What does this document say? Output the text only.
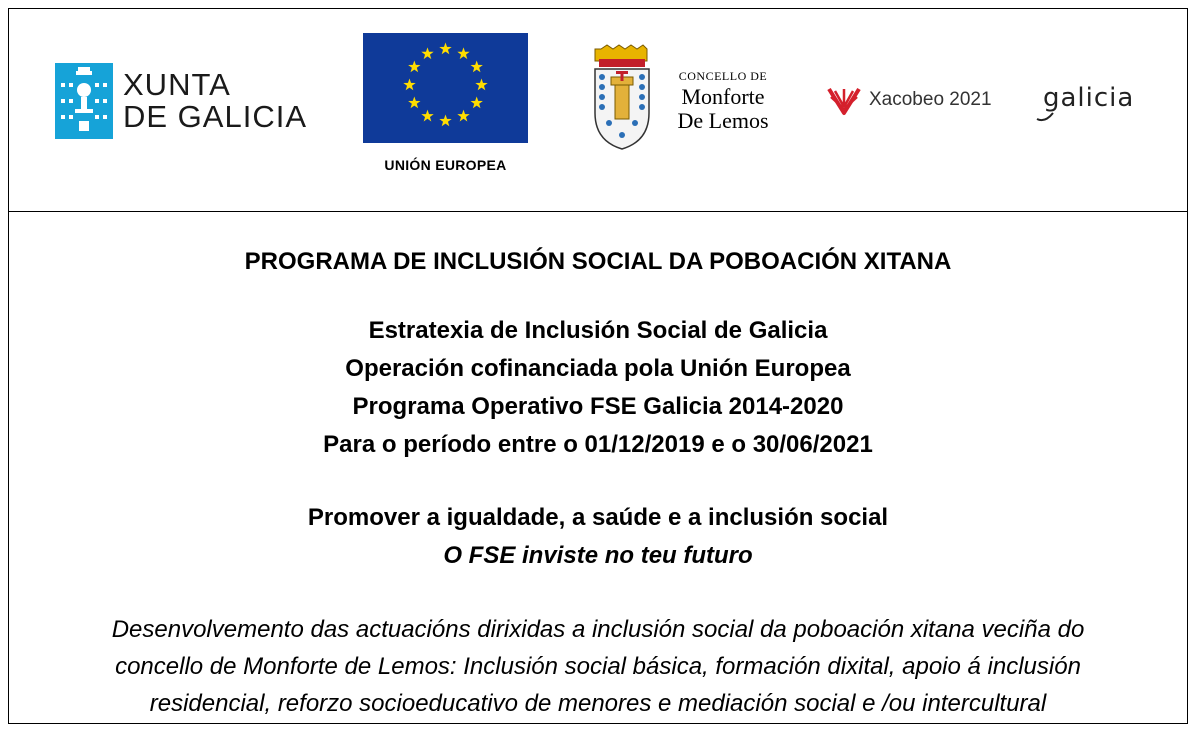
XUNTA
DE GALICIA
UNIÓN EUROPEA
CONCELLO DE
Monforte
De Lemos
Xacobeo 2021 galicia
PROGRAMA DE INCLUSIÓN SOCIAL DA POBOACIÓN XITANA
Estratexia de Inclusión Social de Galicia
Operación cofinanciada pola Unión Europea
Programa Operativo FSE Galicia 2014-2020
Para o período entre o 01/12/2019 e o 30/06/2021
Promover a igualdade, a saúde e a inclusión social
O FSE inviste no teu futuro
Desenvolvemento das actuacións dirixidas a inclusión social da poboación xitana veciña do
concello de Monforte de Lemos: Inclusión social básica, formación dixital, apoio á inclusión
residencial, reforzo socioeducativo de menores e mediación social e /ou intercultural
